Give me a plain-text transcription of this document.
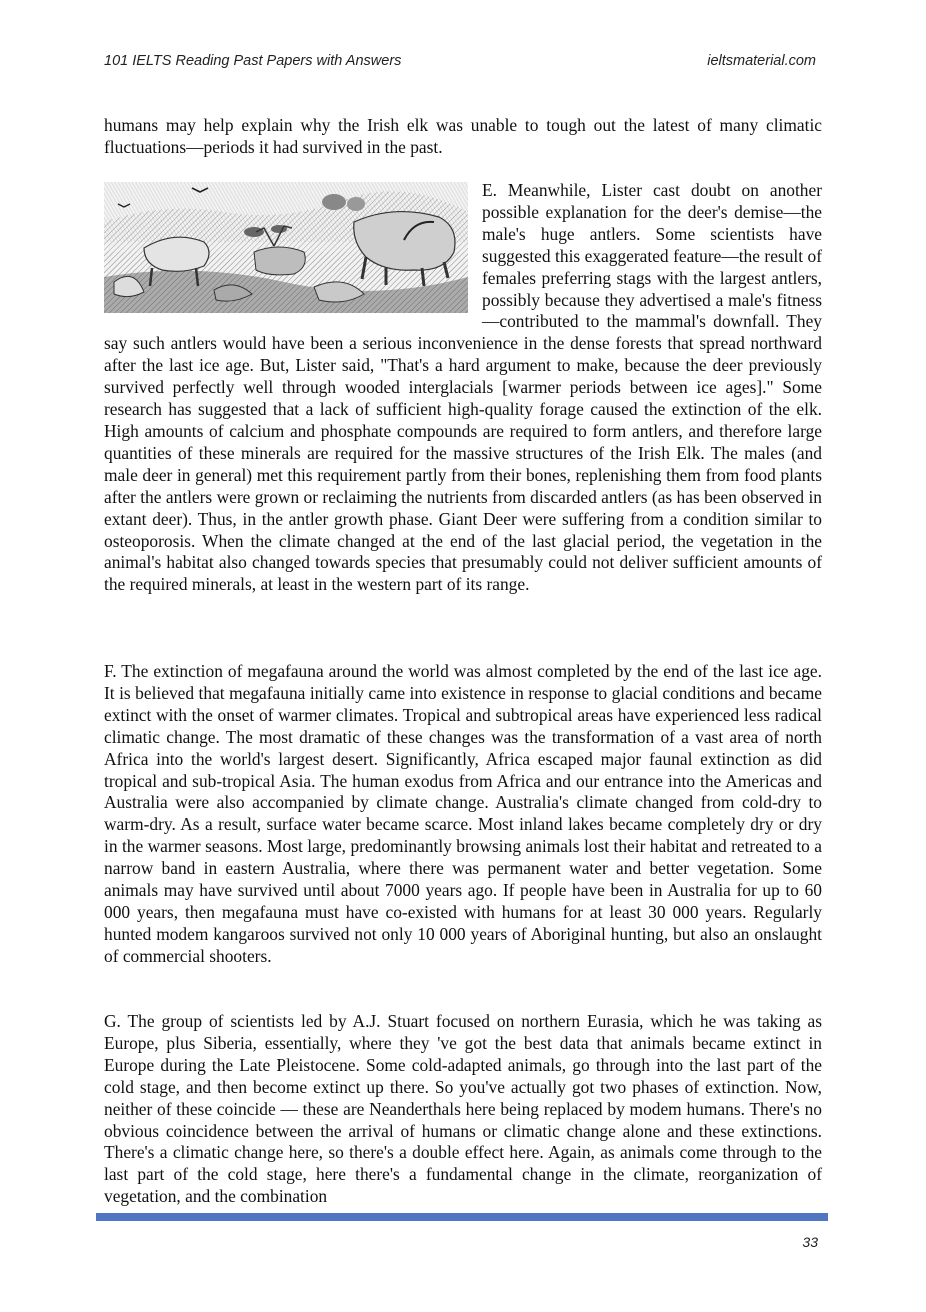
101 IELTS Reading Past Papers with Answers	ieltsmaterial.com

humans may help explain why the Irish elk was unable to tough out the latest of many climatic fluctuations—periods it had survived in the past.

E. Meanwhile, Lister cast doubt on another possible explanation for the deer's demise—the male's huge antlers. Some scientists have suggested this exaggerated feature—the result of females preferring stags with the largest antlers, possibly because they advertised a male's fitness —contributed to the mammal's downfall. They say such antlers would have been a serious inconvenience in the dense forests that spread northward after the last ice age. But, Lister said, "That's a hard argument to make, because the deer previously survived perfectly well through wooded interglacials [warmer periods between ice ages]." Some research has suggested that a lack of sufficient high-quality forage caused the extinction of the elk. High amounts of calcium and phosphate compounds are required to form antlers, and therefore large quantities of these minerals are required for the massive structures of the Irish Elk. The males (and male deer in general) met this requirement partly from their bones, replenishing them from food plants after the antlers were grown or reclaiming the nutrients from discarded antlers (as has been observed in extant deer). Thus, in the antler growth phase. Giant Deer were suffering from a condition similar to osteoporosis. When the climate changed at the end of the last glacial period, the vegetation in the animal's habitat also changed towards species that presumably could not deliver sufficient amounts of the required minerals, at least in the western part of its range.

F. The extinction of megafauna around the world was almost completed by the end of the last ice age. It is believed that megafauna initially came into existence in response to glacial conditions and became extinct with the onset of warmer climates. Tropical and subtropical areas have experienced less radical climatic change. The most dramatic of these changes was the transformation of a vast area of north Africa into the world's largest desert. Significantly, Africa escaped major faunal extinction as did tropical and sub-tropical Asia. The human exodus from Africa and our entrance into the Americas and Australia were also accompanied by climate change. Australia's climate changed from cold-dry to warm-dry. As a result, surface water became scarce. Most inland lakes became completely dry or dry in the warmer seasons. Most large, predominantly browsing animals lost their habitat and retreated to a narrow band in eastern Australia, where there was permanent water and better vegetation. Some animals may have survived until about 7000 years ago. If people have been in Australia for up to 60 000 years, then megafauna must have co-existed with humans for at least 30 000 years. Regularly hunted modem kangaroos survived not only 10 000 years of Aboriginal hunting, but also an onslaught of commercial shooters.

G. The group of scientists led by A.J. Stuart focused on northern Eurasia, which he was taking as Europe, plus Siberia, essentially, where they 've got the best data that animals became extinct in Europe during the Late Pleistocene. Some cold-adapted animals, go through into the last part of the cold stage, and then become extinct up there. So you've actually got two phases of extinction. Now, neither of these coincide — these are Neanderthals here being replaced by modem humans. There's no obvious coincidence between the arrival of humans or climatic change alone and these extinctions. There's a climatic change here, so there's a double effect here. Again, as animals come through to the last part of the cold stage, here there's a fundamental change in the climate, reorganization of vegetation, and the combination

33
